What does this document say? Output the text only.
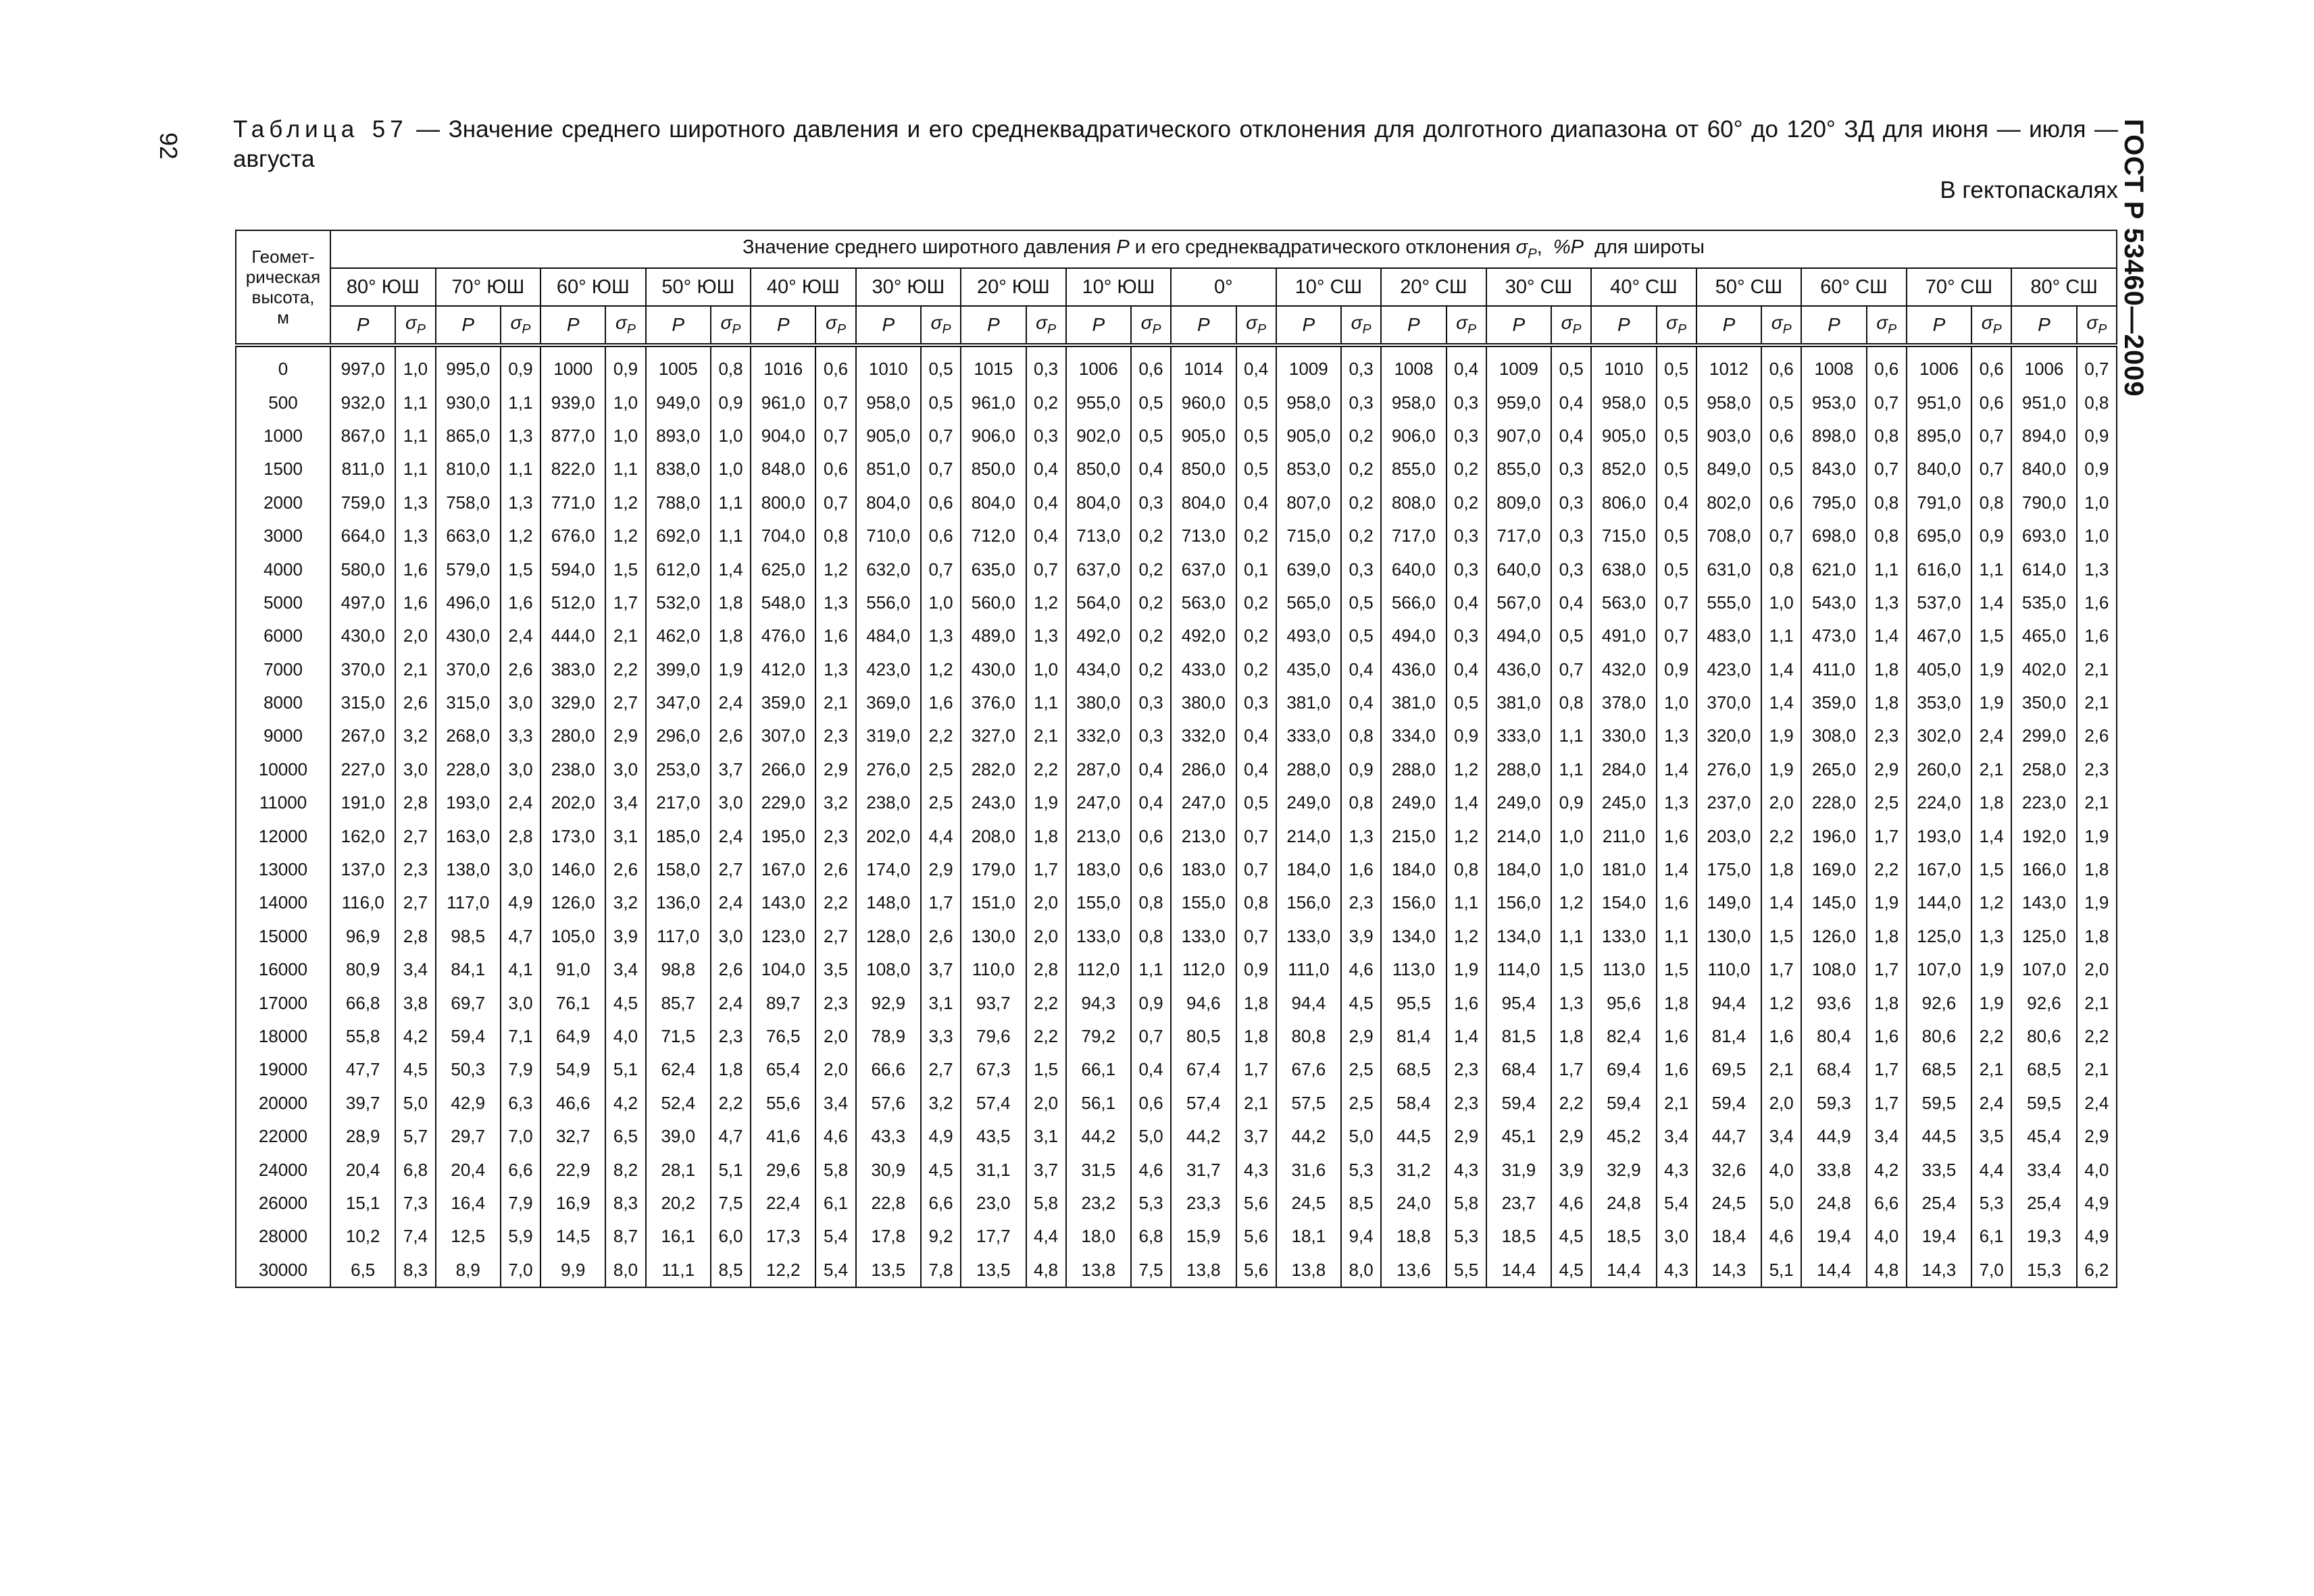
92	ГОСТ Р 53460—2009
Таблица 57 — Значение среднего широтного давления и его среднеквадратического отклонения для долготного диапазона от 60° до 120° ЗД для июня — июля — августа
В гектопаскалях
Геомет-
рическая
высота,
м	Значение среднего широтного давления P и его среднеквадратического отклонения $\sigma_P$,  %P  для широты																																	
	80° ЮШ		70° ЮШ		60° ЮШ		50° ЮШ		40° ЮШ		30° ЮШ		20° ЮШ		10° ЮШ		0°		10° СШ		20° СШ		30° СШ		40° СШ		50° СШ		60° СШ		70° СШ		80° СШ	
	P	$\sigma_P$	P	$\sigma_P$	P	$\sigma_P$	P	$\sigma_P$	P	$\sigma_P$	P	$\sigma_P$	P	$\sigma_P$	P	$\sigma_P$	P	$\sigma_P$	P	$\sigma_P$	P	$\sigma_P$	P	$\sigma_P$	P	$\sigma_P$	P	$\sigma_P$	P	$\sigma_P$	P	$\sigma_P$	P	$\sigma_P$
0	997,0	1,0	995,0	0,9	1000	0,9	1005	0,8	1016	0,6	1010	0,5	1015	0,3	1006	0,6	1014	0,4	1009	0,3	1008	0,4	1009	0,5	1010	0,5	1012	0,6	1008	0,6	1006	0,6	1006	0,7
500	932,0	1,1	930,0	1,1	939,0	1,0	949,0	0,9	961,0	0,7	958,0	0,5	961,0	0,2	955,0	0,5	960,0	0,5	958,0	0,3	958,0	0,3	959,0	0,4	958,0	0,5	958,0	0,5	953,0	0,7	951,0	0,6	951,0	0,8
1000	867,0	1,1	865,0	1,3	877,0	1,0	893,0	1,0	904,0	0,7	905,0	0,7	906,0	0,3	902,0	0,5	905,0	0,5	905,0	0,2	906,0	0,3	907,0	0,4	905,0	0,5	903,0	0,6	898,0	0,8	895,0	0,7	894,0	0,9
1500	811,0	1,1	810,0	1,1	822,0	1,1	838,0	1,0	848,0	0,6	851,0	0,7	850,0	0,4	850,0	0,4	850,0	0,5	853,0	0,2	855,0	0,2	855,0	0,3	852,0	0,5	849,0	0,5	843,0	0,7	840,0	0,7	840,0	0,9
2000	759,0	1,3	758,0	1,3	771,0	1,2	788,0	1,1	800,0	0,7	804,0	0,6	804,0	0,4	804,0	0,3	804,0	0,4	807,0	0,2	808,0	0,2	809,0	0,3	806,0	0,4	802,0	0,6	795,0	0,8	791,0	0,8	790,0	1,0
3000	664,0	1,3	663,0	1,2	676,0	1,2	692,0	1,1	704,0	0,8	710,0	0,6	712,0	0,4	713,0	0,2	713,0	0,2	715,0	0,2	717,0	0,3	717,0	0,3	715,0	0,5	708,0	0,7	698,0	0,8	695,0	0,9	693,0	1,0
4000	580,0	1,6	579,0	1,5	594,0	1,5	612,0	1,4	625,0	1,2	632,0	0,7	635,0	0,7	637,0	0,2	637,0	0,1	639,0	0,3	640,0	0,3	640,0	0,3	638,0	0,5	631,0	0,8	621,0	1,1	616,0	1,1	614,0	1,3
5000	497,0	1,6	496,0	1,6	512,0	1,7	532,0	1,8	548,0	1,3	556,0	1,0	560,0	1,2	564,0	0,2	563,0	0,2	565,0	0,5	566,0	0,4	567,0	0,4	563,0	0,7	555,0	1,0	543,0	1,3	537,0	1,4	535,0	1,6
6000	430,0	2,0	430,0	2,4	444,0	2,1	462,0	1,8	476,0	1,6	484,0	1,3	489,0	1,3	492,0	0,2	492,0	0,2	493,0	0,5	494,0	0,3	494,0	0,5	491,0	0,7	483,0	1,1	473,0	1,4	467,0	1,5	465,0	1,6
7000	370,0	2,1	370,0	2,6	383,0	2,2	399,0	1,9	412,0	1,3	423,0	1,2	430,0	1,0	434,0	0,2	433,0	0,2	435,0	0,4	436,0	0,4	436,0	0,7	432,0	0,9	423,0	1,4	411,0	1,8	405,0	1,9	402,0	2,1
8000	315,0	2,6	315,0	3,0	329,0	2,7	347,0	2,4	359,0	2,1	369,0	1,6	376,0	1,1	380,0	0,3	380,0	0,3	381,0	0,4	381,0	0,5	381,0	0,8	378,0	1,0	370,0	1,4	359,0	1,8	353,0	1,9	350,0	2,1
9000	267,0	3,2	268,0	3,3	280,0	2,9	296,0	2,6	307,0	2,3	319,0	2,2	327,0	2,1	332,0	0,3	332,0	0,4	333,0	0,8	334,0	0,9	333,0	1,1	330,0	1,3	320,0	1,9	308,0	2,3	302,0	2,4	299,0	2,6
10000	227,0	3,0	228,0	3,0	238,0	3,0	253,0	3,7	266,0	2,9	276,0	2,5	282,0	2,2	287,0	0,4	286,0	0,4	288,0	0,9	288,0	1,2	288,0	1,1	284,0	1,4	276,0	1,9	265,0	2,9	260,0	2,1	258,0	2,3
11000	191,0	2,8	193,0	2,4	202,0	3,4	217,0	3,0	229,0	3,2	238,0	2,5	243,0	1,9	247,0	0,4	247,0	0,5	249,0	0,8	249,0	1,4	249,0	0,9	245,0	1,3	237,0	2,0	228,0	2,5	224,0	1,8	223,0	2,1
12000	162,0	2,7	163,0	2,8	173,0	3,1	185,0	2,4	195,0	2,3	202,0	4,4	208,0	1,8	213,0	0,6	213,0	0,7	214,0	1,3	215,0	1,2	214,0	1,0	211,0	1,6	203,0	2,2	196,0	1,7	193,0	1,4	192,0	1,9
13000	137,0	2,3	138,0	3,0	146,0	2,6	158,0	2,7	167,0	2,6	174,0	2,9	179,0	1,7	183,0	0,6	183,0	0,7	184,0	1,6	184,0	0,8	184,0	1,0	181,0	1,4	175,0	1,8	169,0	2,2	167,0	1,5	166,0	1,8
14000	116,0	2,7	117,0	4,9	126,0	3,2	136,0	2,4	143,0	2,2	148,0	1,7	151,0	2,0	155,0	0,8	155,0	0,8	156,0	2,3	156,0	1,1	156,0	1,2	154,0	1,6	149,0	1,4	145,0	1,9	144,0	1,2	143,0	1,9
15000	96,9	2,8	98,5	4,7	105,0	3,9	117,0	3,0	123,0	2,7	128,0	2,6	130,0	2,0	133,0	0,8	133,0	0,7	133,0	3,9	134,0	1,2	134,0	1,1	133,0	1,1	130,0	1,5	126,0	1,8	125,0	1,3	125,0	1,8
16000	80,9	3,4	84,1	4,1	91,0	3,4	98,8	2,6	104,0	3,5	108,0	3,7	110,0	2,8	112,0	1,1	112,0	0,9	111,0	4,6	113,0	1,9	114,0	1,5	113,0	1,5	110,0	1,7	108,0	1,7	107,0	1,9	107,0	2,0
17000	66,8	3,8	69,7	3,0	76,1	4,5	85,7	2,4	89,7	2,3	92,9	3,1	93,7	2,2	94,3	0,9	94,6	1,8	94,4	4,5	95,5	1,6	95,4	1,3	95,6	1,8	94,4	1,2	93,6	1,8	92,6	1,9	92,6	2,1
18000	55,8	4,2	59,4	7,1	64,9	4,0	71,5	2,3	76,5	2,0	78,9	3,3	79,6	2,2	79,2	0,7	80,5	1,8	80,8	2,9	81,4	1,4	81,5	1,8	82,4	1,6	81,4	1,6	80,4	1,6	80,6	2,2	80,6	2,2
19000	47,7	4,5	50,3	7,9	54,9	5,1	62,4	1,8	65,4	2,0	66,6	2,7	67,3	1,5	66,1	0,4	67,4	1,7	67,6	2,5	68,5	2,3	68,4	1,7	69,4	1,6	69,5	2,1	68,4	1,7	68,5	2,1	68,5	2,1
20000	39,7	5,0	42,9	6,3	46,6	4,2	52,4	2,2	55,6	3,4	57,6	3,2	57,4	2,0	56,1	0,6	57,4	2,1	57,5	2,5	58,4	2,3	59,4	2,2	59,4	2,1	59,4	2,0	59,3	1,7	59,5	2,4	59,5	2,4
22000	28,9	5,7	29,7	7,0	32,7	6,5	39,0	4,7	41,6	4,6	43,3	4,9	43,5	3,1	44,2	5,0	44,2	3,7	44,2	5,0	44,5	2,9	45,1	2,9	45,2	3,4	44,7	3,4	44,9	3,4	44,5	3,5	45,4	2,9
24000	20,4	6,8	20,4	6,6	22,9	8,2	28,1	5,1	29,6	5,8	30,9	4,5	31,1	3,7	31,5	4,6	31,7	4,3	31,6	5,3	31,2	4,3	31,9	3,9	32,9	4,3	32,6	4,0	33,8	4,2	33,5	4,4	33,4	4,0
26000	15,1	7,3	16,4	7,9	16,9	8,3	20,2	7,5	22,4	6,1	22,8	6,6	23,0	5,8	23,2	5,3	23,3	5,6	24,5	8,5	24,0	5,8	23,7	4,6	24,8	5,4	24,5	5,0	24,8	6,6	25,4	5,3	25,4	4,9
28000	10,2	7,4	12,5	5,9	14,5	8,7	16,1	6,0	17,3	5,4	17,8	9,2	17,7	4,4	18,0	6,8	15,9	5,6	18,1	9,4	18,8	5,3	18,5	4,5	18,5	3,0	18,4	4,6	19,4	4,0	19,4	6,1	19,3	4,9
30000	6,5	8,3	8,9	7,0	9,9	8,0	11,1	8,5	12,2	5,4	13,5	7,8	13,5	4,8	13,8	7,5	13,8	5,6	13,8	8,0	13,6	5,5	14,4	4,5	14,4	4,3	14,3	5,1	14,4	4,8	14,3	7,0	15,3	6,2
